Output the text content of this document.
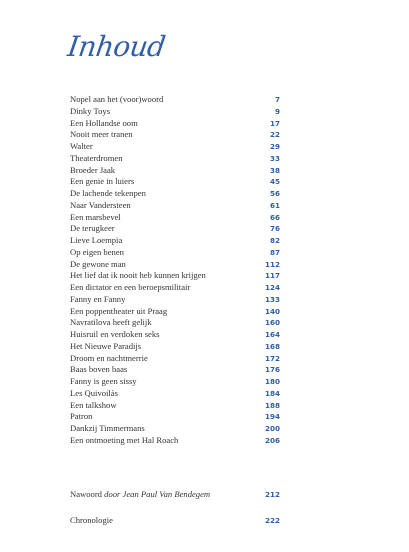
Inhoud
Nopel aan het (voor)woord	7
Dinky Toys	9
Een Hollandse oom	17
Nooit meer tranen	22
Walter	29
Theaterdromen	33
Broeder Jaak	38
Een genie in luiers	45
De lachende tekenpen	56
Naar Vandersteen	61
Een marsbevel	66
De terugkeer	76
Lieve Loempia	82
Op eigen benen	87
De gewone man	112
Het lief dat ik nooit heb kunnen krijgen	117
Een dictator en een beroepsmilitair	124
Fanny en Fanny	133
Een poppentheater uit Praag	140
Navratilova heeft gelijk	160
Huisruil en verdoken seks	164
Het Nieuwe Paradijs	168
Droom en nachtmerrie	172
Baas boven baas	176
Fanny is geen sissy	180
Les Quivoilàs	184
Een talkshow	188
Patron	194
Dankzij Timmermans	200
Een ontmoeting met Hal Roach	206
Nawoord door Jean Paul Van Bendegem	212
Chronologie	222
